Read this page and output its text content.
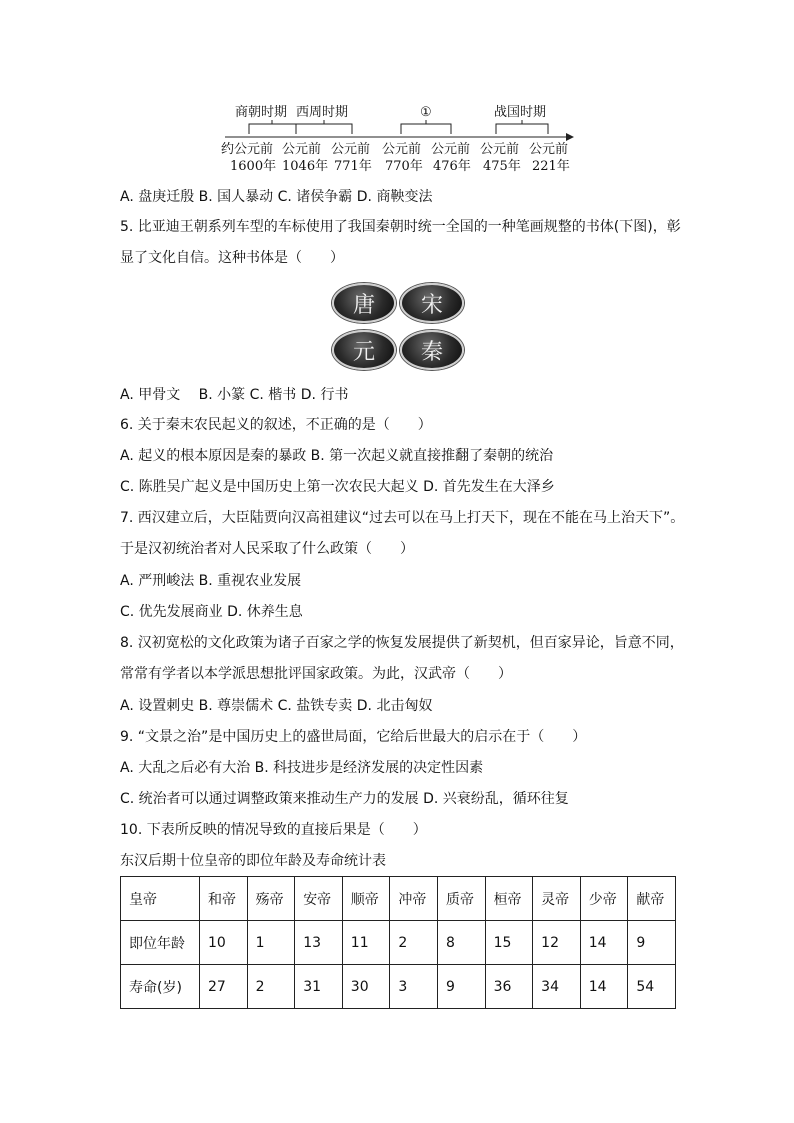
商朝时期 西周时期	①	战国时期
约公元前 公元前 公元前 公元前 公元前 公元前 公元前
1600年 1046年 771年 770年 476年 475年 221年
A. 盘庚迁殷 B. 国人暴动 C. 诸侯争霸 D. 商鞅变法
5. 比亚迪王朝系列车型的车标使用了我国秦朝时统一全国的一种笔画规整的书体(下图)，彰
显了文化自信。这种书体是（　　）
唐	宋
元	秦
A. 甲骨文　 B. 小篆 C. 楷书 D. 行书
6. 关于秦末农民起义的叙述，不正确的是（　　）
A. 起义的根本原因是秦的暴政 B. 第一次起义就直接推翻了秦朝的统治
C. 陈胜吴广起义是中国历史上第一次农民大起义 D. 首先发生在大泽乡
7. 西汉建立后，大臣陆贾向汉高祖建议“过去可以在马上打天下，现在不能在马上治天下”。
于是汉初统治者对人民采取了什么政策（　　）
A. 严刑峻法 B. 重视农业发展
C. 优先发展商业 D. 休养生息
8. 汉初宽松的文化政策为诸子百家之学的恢复发展提供了新契机，但百家异论，旨意不同，
常常有学者以本学派思想批评国家政策。为此，汉武帝（　　）
A. 设置刺史 B. 尊崇儒术 C. 盐铁专卖 D. 北击匈奴
9. “文景之治”是中国历史上的盛世局面，它给后世最大的启示在于（　　）
A. 大乱之后必有大治 B. 科技进步是经济发展的决定性因素
C. 统治者可以通过调整政策来推动生产力的发展 D. 兴衰纷乱，循环往复
10. 下表所反映的情况导致的直接后果是（　　）
东汉后期十位皇帝的即位年龄及寿命统计表
皇帝	和帝	殇帝	安帝	顺帝	冲帝	质帝	桓帝	灵帝	少帝	献帝
即位年龄	10	1	13	11	2	8	15	12	14	9
寿命(岁)	27	2	31	30	3	9	36	34	14	54
